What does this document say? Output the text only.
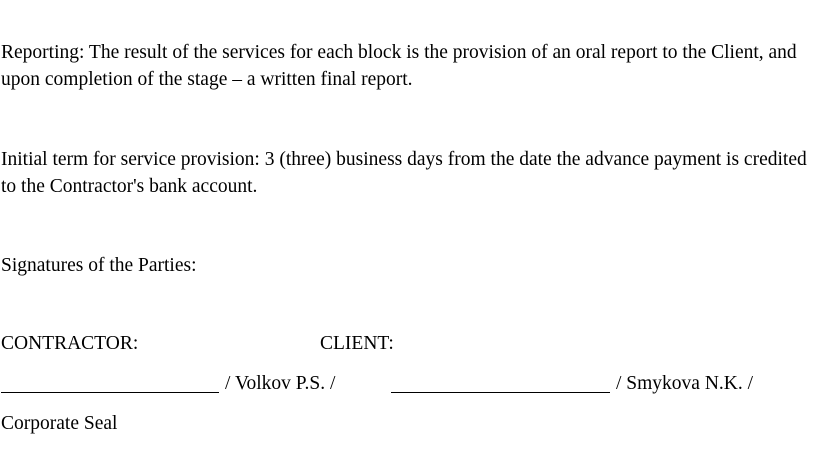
Reporting: The result of the services for each block is the provision of an oral report to the Client, and upon completion of the stage – a written final report.

Initial term for service provision: 3 (three) business days from the date the advance payment is credited to the Contractor's bank account.

Signatures of the Parties:

CONTRACTOR:	CLIENT:
/ Volkov P.S. /	/ Smykova N.K. /
Corporate Seal
